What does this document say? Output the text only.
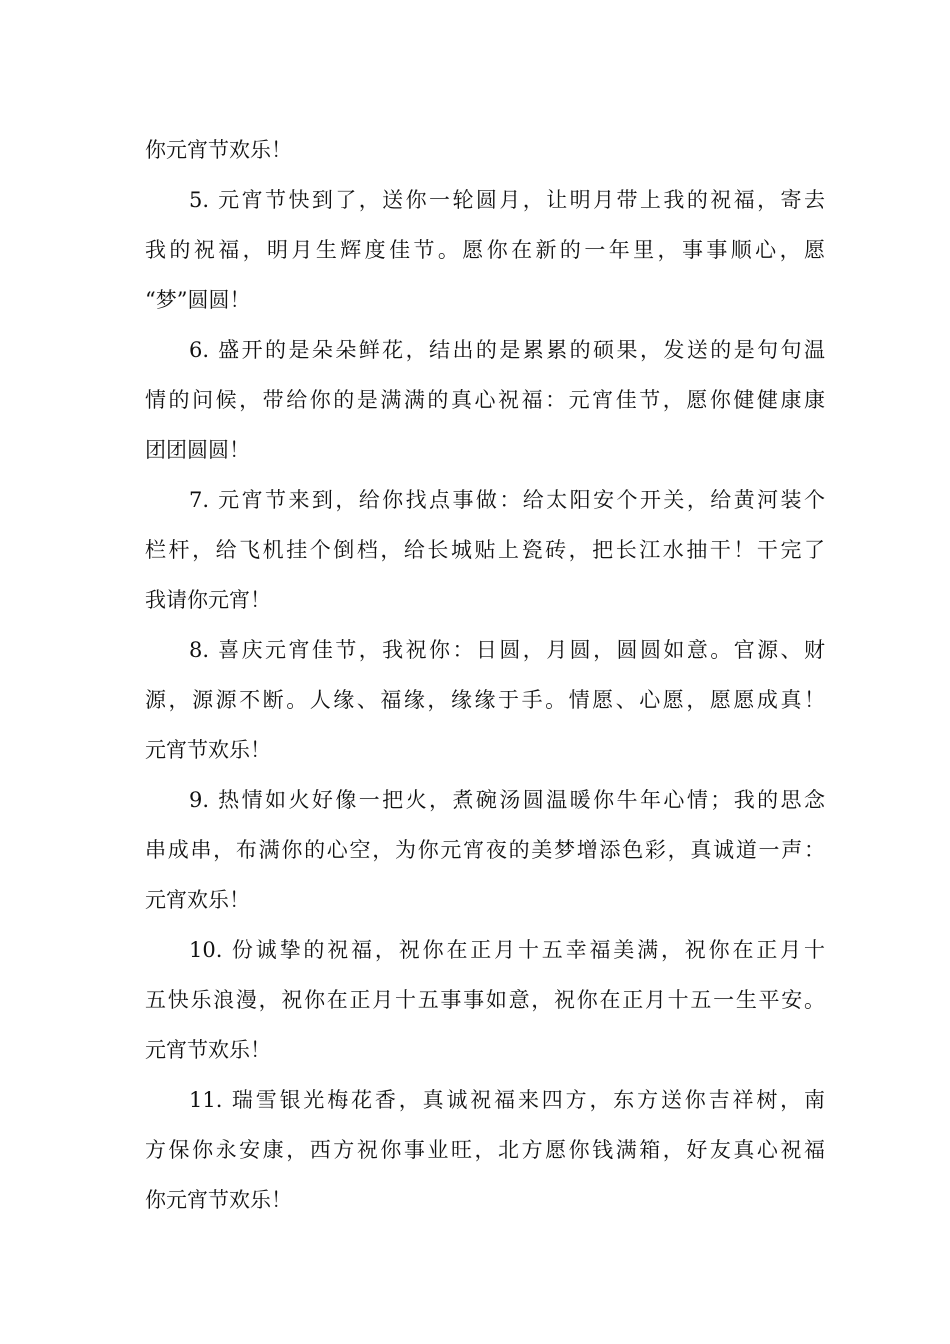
你元宵节欢乐！
5. 元宵节快到了，送你一轮圆月，让明月带上我的祝福，寄去
我的祝福，明月生辉度佳节。愿你在新的一年里，事事顺心，愿
“梦”圆圆！
6. 盛开的是朵朵鲜花，结出的是累累的硕果，发送的是句句温
情的问候，带给你的是满满的真心祝福：元宵佳节，愿你健健康康
团团圆圆！
7. 元宵节来到，给你找点事做：给太阳安个开关，给黄河装个
栏杆，给飞机挂个倒档，给长城贴上瓷砖，把长江水抽干！干完了
我请你元宵！
8. 喜庆元宵佳节，我祝你：日圆，月圆，圆圆如意。官源、财
源，源源不断。人缘、福缘，缘缘于手。情愿、心愿，愿愿成真！
元宵节欢乐！
9. 热情如火好像一把火，煮碗汤圆温暖你牛年心情；我的思念
串成串，布满你的心空，为你元宵夜的美梦增添色彩，真诚道一声：
元宵欢乐！
10. 份诚挚的祝福，祝你在正月十五幸福美满，祝你在正月十
五快乐浪漫，祝你在正月十五事事如意，祝你在正月十五一生平安。
元宵节欢乐！
11. 瑞雪银光梅花香，真诚祝福来四方，东方送你吉祥树，南
方保你永安康，西方祝你事业旺，北方愿你钱满箱，好友真心祝福
你元宵节欢乐！
